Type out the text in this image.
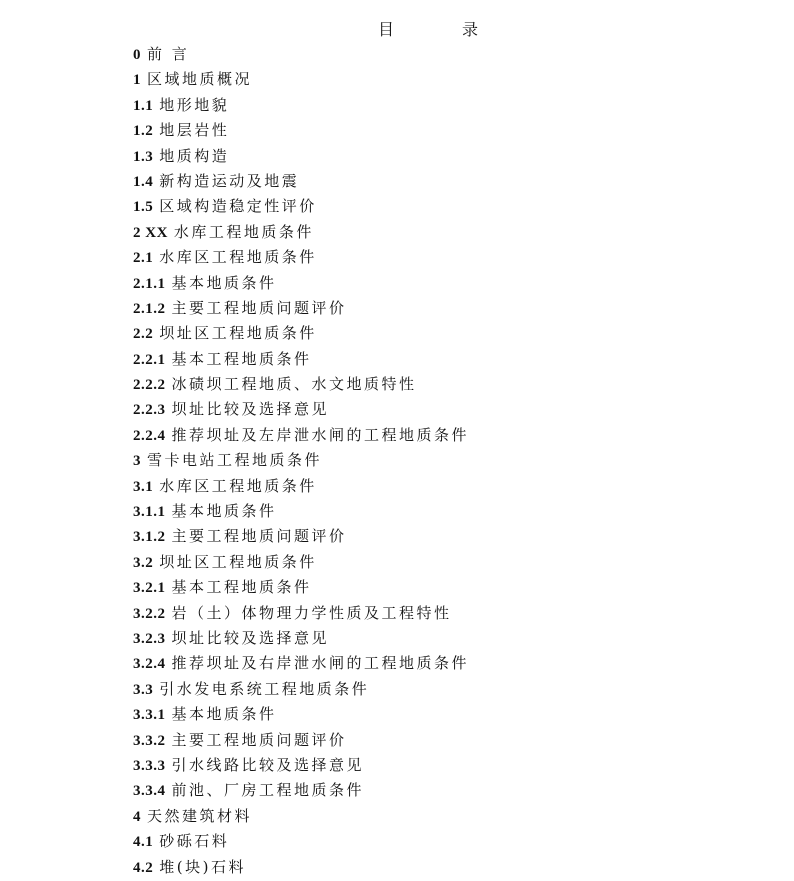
目	录
0 前 言
1 区域地质概况
1.1 地形地貌
1.2 地层岩性
1.3 地质构造
1.4 新构造运动及地震
1.5 区域构造稳定性评价
2 XX 水库工程地质条件
2.1 水库区工程地质条件
2.1.1 基本地质条件
2.1.2 主要工程地质问题评价
2.2 坝址区工程地质条件
2.2.1 基本工程地质条件
2.2.2 冰碛坝工程地质、水文地质特性
2.2.3 坝址比较及选择意见
2.2.4 推荐坝址及左岸泄水闸的工程地质条件
3 雪卡电站工程地质条件
3.1 水库区工程地质条件
3.1.1 基本地质条件
3.1.2 主要工程地质问题评价
3.2 坝址区工程地质条件
3.2.1 基本工程地质条件
3.2.2 岩（土）体物理力学性质及工程特性
3.2.3 坝址比较及选择意见
3.2.4 推荐坝址及右岸泄水闸的工程地质条件
3.3 引水发电系统工程地质条件
3.3.1 基本地质条件
3.3.2 主要工程地质问题评价
3.3.3 引水线路比较及选择意见
3.3.4 前池、厂房工程地质条件
4 天然建筑材料
4.1 砂砾石料
4.2 堆(块)石料
